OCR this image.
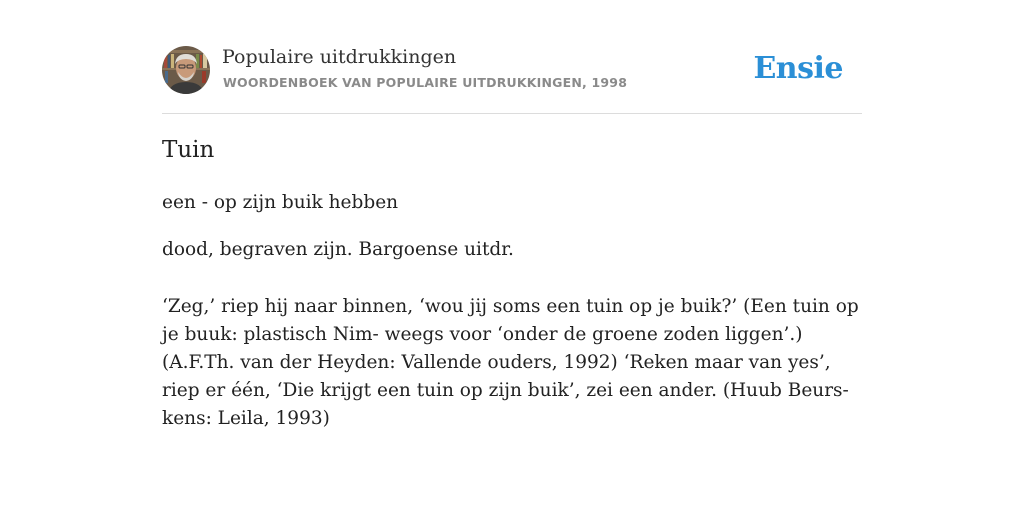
Populaire uitdrukkingen
WOORDENBOEK VAN POPULAIRE UITDRUKKINGEN, 1998	Ensie
Tuin
een - op zijn buik hebben
dood, begraven zijn. Bargoense uitdr.
‘Zeg,’ riep hij naar binnen, ‘wou jij soms een tuin op je buik?’ (Een tuin op je buuk: plastisch Nim- weegs voor ‘onder de groene zoden liggen’.) (A.F.Th. van der Heyden: Vallende ouders, 1992) ‘Reken maar van yes’, riep er één, ‘Die krijgt een tuin op zijn buik’, zei een ander. (Huub Beurs- kens: Leila, 1993)
